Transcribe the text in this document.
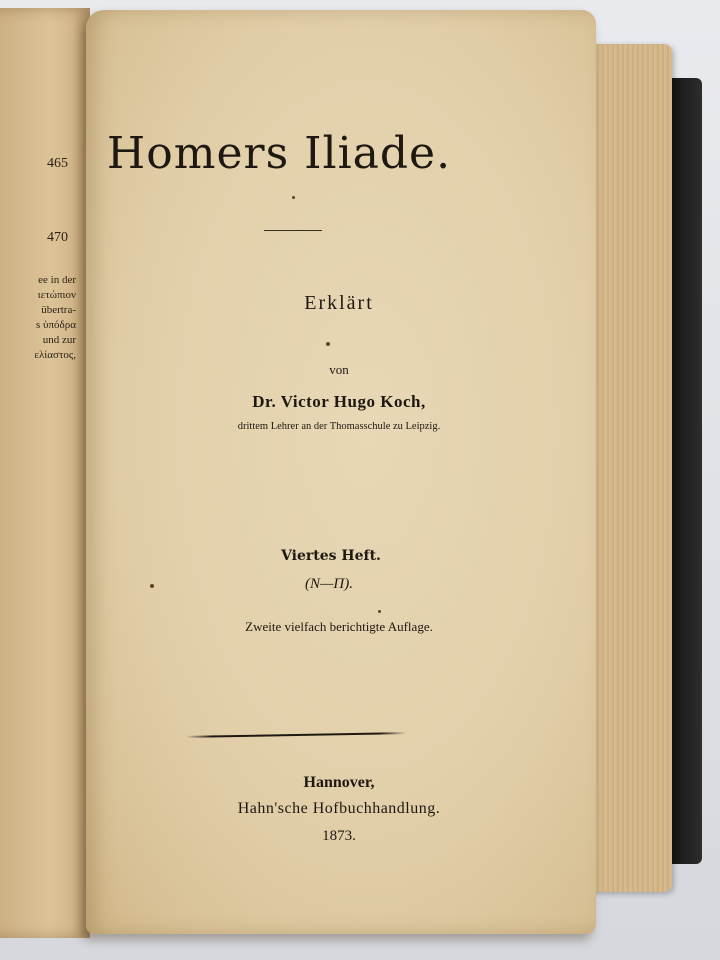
465
470
ee in der
ιετώπιον
übertra-
s ὑπόδρα
und zur
ελίαστος,
Homers Iliade.
Erklärt
von
Dr. Victor Hugo Koch,
drittem Lehrer an der Thomasschule zu Leipzig.
Viertes Heft.
(N—Π).
Zweite vielfach berichtigte Auflage.
Hannover,
Hahn'sche Hofbuchhandlung.
1873.
